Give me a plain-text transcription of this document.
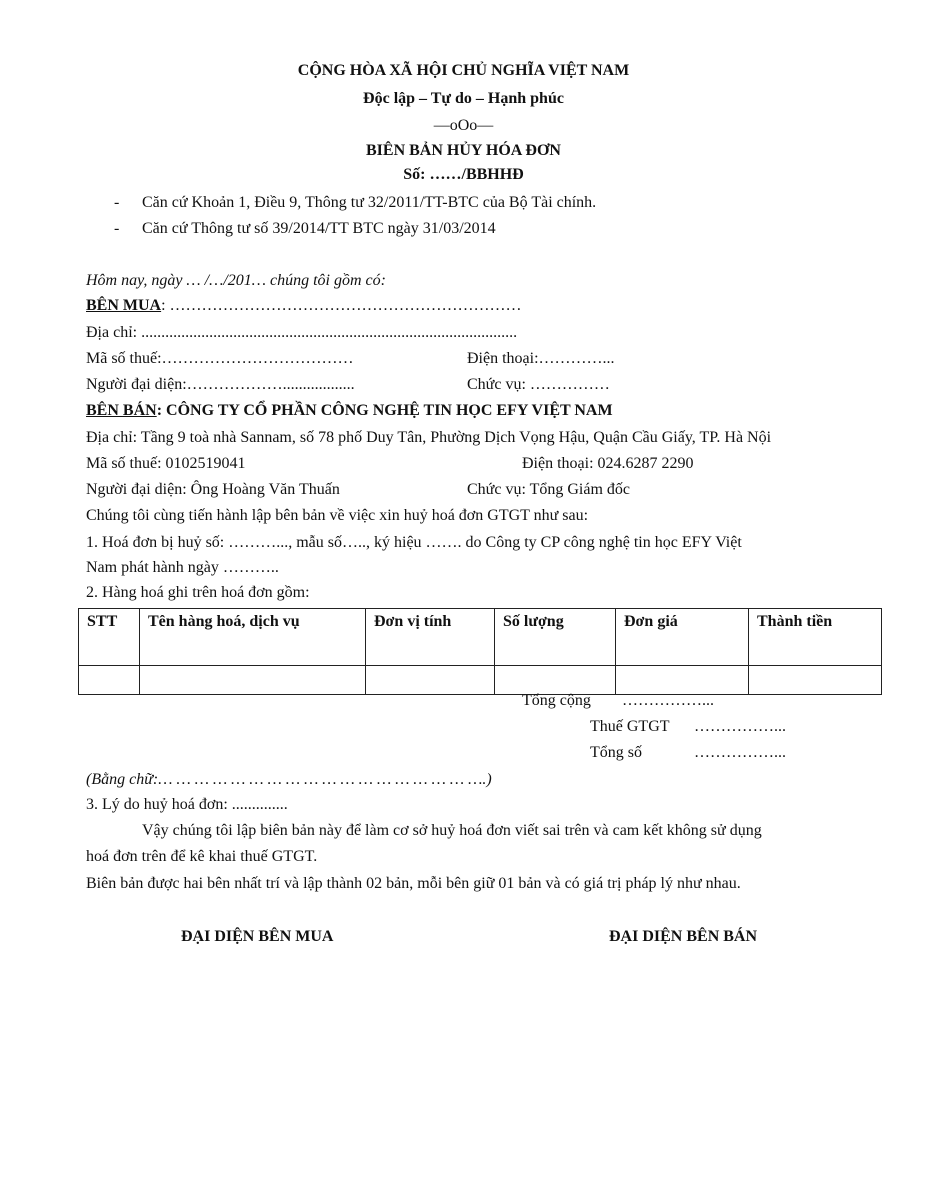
CỘNG HÒA XÃ HỘI CHỦ NGHĨA VIỆT NAM
Độc lập – Tự do – Hạnh phúc
—oOo—
BIÊN BẢN HỦY HÓA ĐƠN
Số: ……/BBHHĐ
- Căn cứ Khoản 1, Điều 9, Thông tư 32/2011/TT-BTC của Bộ Tài chính.
- Căn cứ Thông tư số 39/2014/TT BTC ngày 31/03/2014
Hôm nay, ngày … /…/201… chúng tôi gồm có:
BÊN MUA: …………………………………………………………
Địa chỉ: ..............................................................................................
Mã số thuế:………………………………	Điện thoại:…………...
Người đại diện:………………..................	Chức vụ: ……………
BÊN BÁN: CÔNG TY CỔ PHẦN CÔNG NGHỆ TIN HỌC EFY VIỆT NAM
Địa chỉ: Tầng 9 toà nhà Sannam, số 78 phố Duy Tân, Phường Dịch Vọng Hậu, Quận Cầu Giấy, TP. Hà Nội
Mã số thuế: 0102519041	Điện thoại: 024.6287 2290
Người đại diện: Ông Hoàng Văn Thuấn	Chức vụ: Tổng Giám đốc
Chúng tôi cùng tiến hành lập bên bản về việc xin huỷ hoá đơn GTGT như sau:
1. Hoá đơn bị huỷ số: ………..., mẫu số….., ký hiệu ……. do Công ty CP công nghệ tin học EFY Việt
Nam phát hành ngày ………..
2. Hàng hoá ghi trên hoá đơn gồm:
STT	Tên hàng hoá, dịch vụ	Đơn vị tính	Số lượng	Đơn giá	Thành tiền

Tổng cộng ……………...
Thuế GTGT ……………...
Tổng số	……………...
(Bằng chữ:… … … … … … … … … … … … … … … … … ….)
3. Lý do huỷ hoá đơn: ..............
Vậy chúng tôi lập biên bản này để làm cơ sở huỷ hoá đơn viết sai trên và cam kết không sử dụng
hoá đơn trên để kê khai thuế GTGT.
Biên bản được hai bên nhất trí và lập thành 02 bản, mỗi bên giữ 01 bản và có giá trị pháp lý như nhau.
ĐẠI DIỆN BÊN MUA	ĐẠI DIỆN BÊN BÁN
